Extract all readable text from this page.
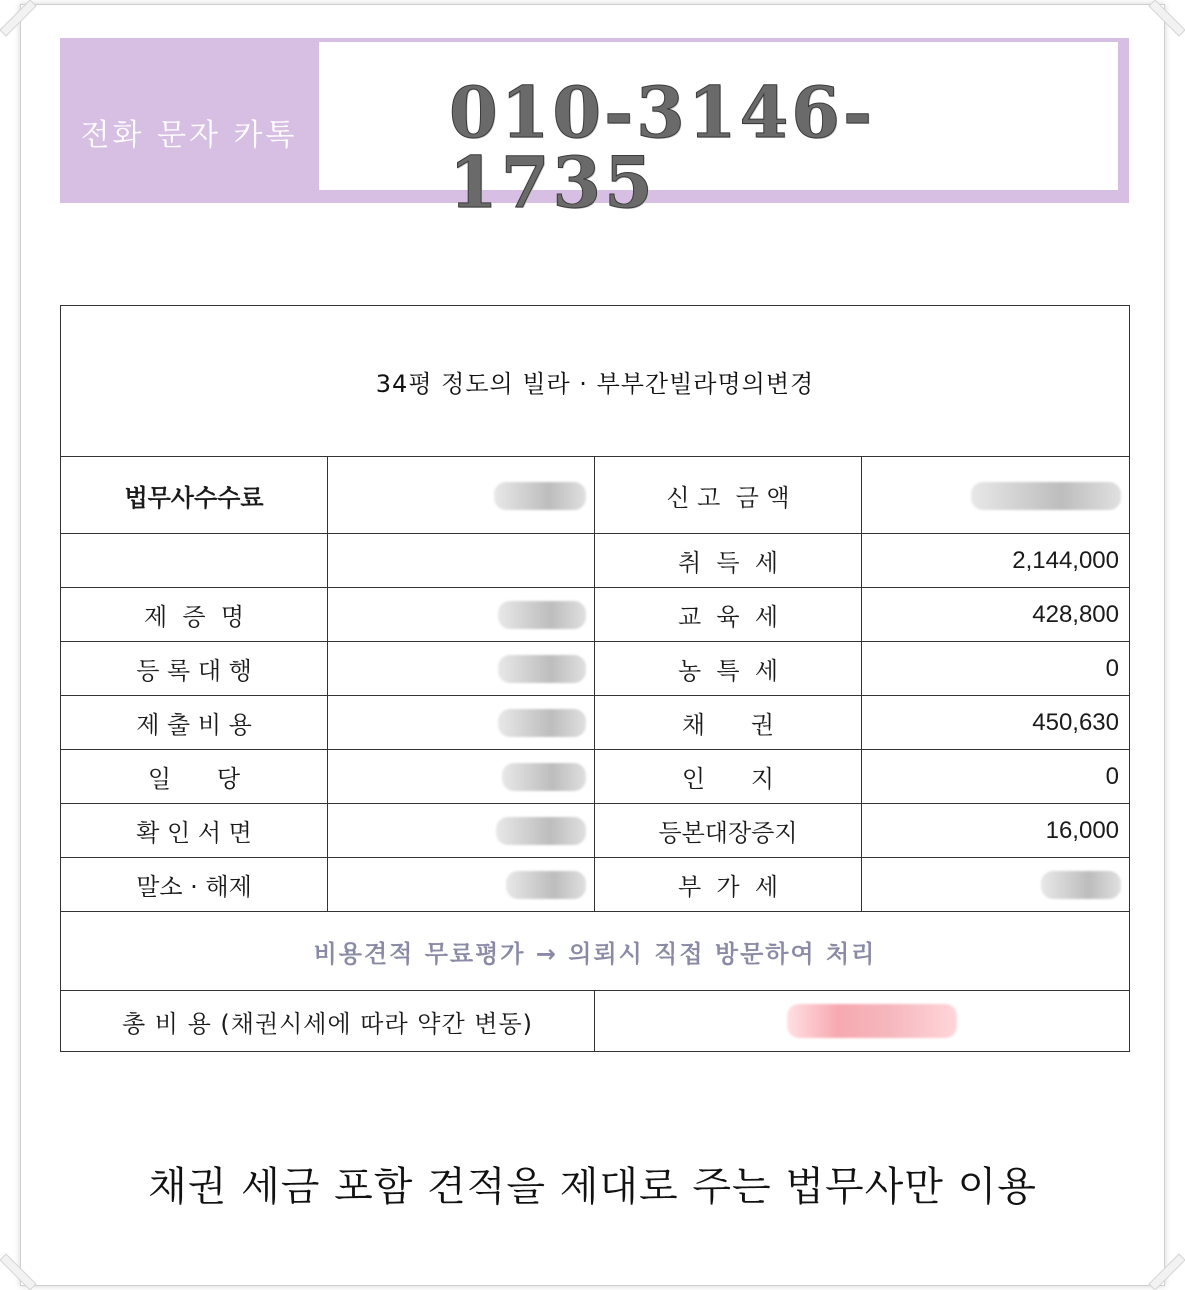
전화 문자 카톡 010-3146-1735
34평 정도의 빌라 · 부부간빌라명의변경			
법무사수수료		신 고  금 액	
		취  득  세	2,144,000
제  증  명		교  육  세	428,800
등 록 대 행		농  특  세	0
제 출 비 용		채      권	450,630
일      당		인      지	0
확 인 서 면		등본대장증지	16,000
말소 · 해제		부  가  세	
비용견적 무료평가 → 의뢰시 직접 방문하여 처리			
총 비 용 (채권시세에 따라 약간 변동)			
채권 세금 포함 견적을 제대로 주는 법무사만 이용
